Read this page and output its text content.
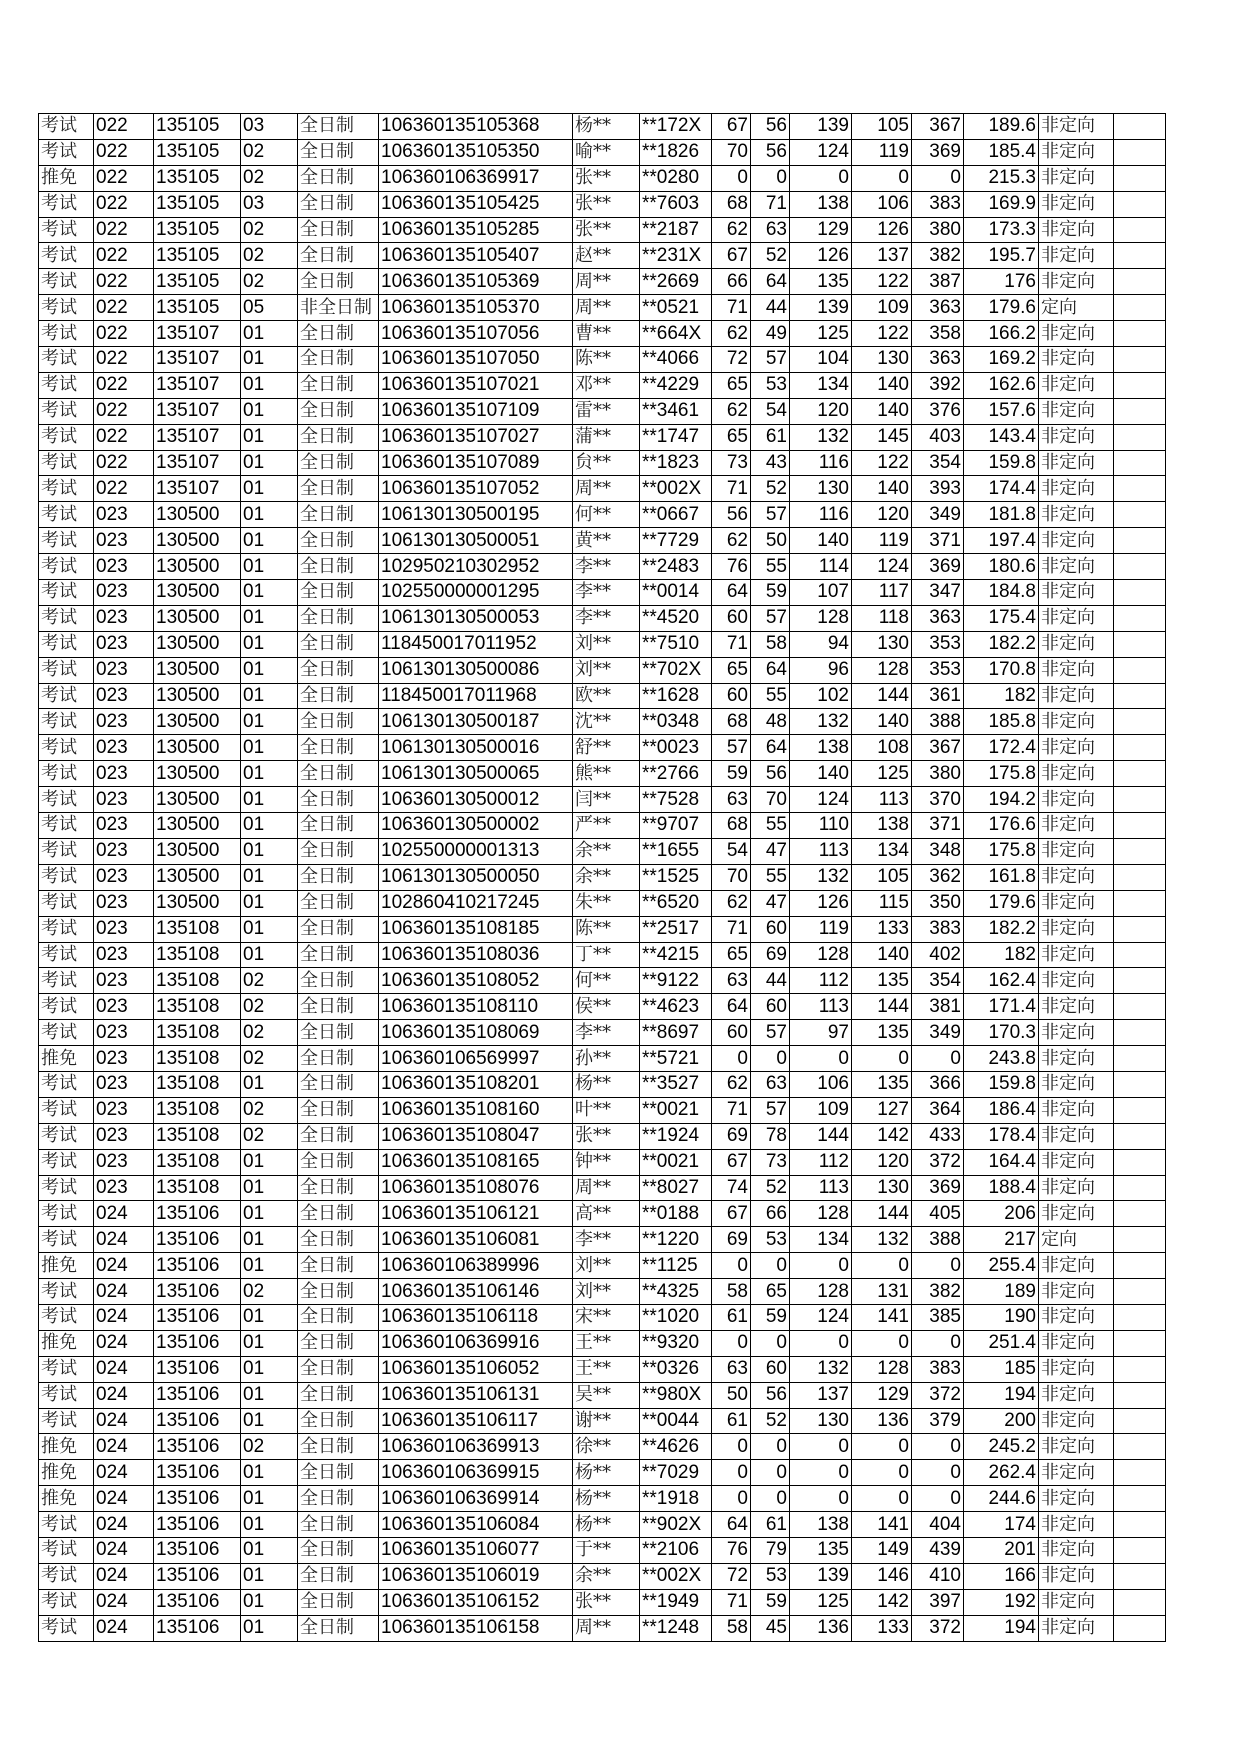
考试	022	135105	03	全日制	106360135105368	杨**	**172X	67	56	139	105	367	189.6	非定向	
考试	022	135105	02	全日制	106360135105350	喻**	**1826	70	56	124	119	369	185.4	非定向	
推免	022	135105	02	全日制	106360106369917	张**	**0280	0	0	0	0	0	215.3	非定向	
考试	022	135105	03	全日制	106360135105425	张**	**7603	68	71	138	106	383	169.9	非定向	
考试	022	135105	02	全日制	106360135105285	张**	**2187	62	63	129	126	380	173.3	非定向	
考试	022	135105	02	全日制	106360135105407	赵**	**231X	67	52	126	137	382	195.7	非定向	
考试	022	135105	02	全日制	106360135105369	周**	**2669	66	64	135	122	387	176	非定向	
考试	022	135105	05	非全日制	106360135105370	周**	**0521	71	44	139	109	363	179.6	定向	
考试	022	135107	01	全日制	106360135107056	曹**	**664X	62	49	125	122	358	166.2	非定向	
考试	022	135107	01	全日制	106360135107050	陈**	**4066	72	57	104	130	363	169.2	非定向	
考试	022	135107	01	全日制	106360135107021	邓**	**4229	65	53	134	140	392	162.6	非定向	
考试	022	135107	01	全日制	106360135107109	雷**	**3461	62	54	120	140	376	157.6	非定向	
考试	022	135107	01	全日制	106360135107027	蒲**	**1747	65	61	132	145	403	143.4	非定向	
考试	022	135107	01	全日制	106360135107089	贠**	**1823	73	43	116	122	354	159.8	非定向	
考试	022	135107	01	全日制	106360135107052	周**	**002X	71	52	130	140	393	174.4	非定向	
考试	023	130500	01	全日制	106130130500195	何**	**0667	56	57	116	120	349	181.8	非定向	
考试	023	130500	01	全日制	106130130500051	黄**	**7729	62	50	140	119	371	197.4	非定向	
考试	023	130500	01	全日制	102950210302952	李**	**2483	76	55	114	124	369	180.6	非定向	
考试	023	130500	01	全日制	102550000001295	李**	**0014	64	59	107	117	347	184.8	非定向	
考试	023	130500	01	全日制	106130130500053	李**	**4520	60	57	128	118	363	175.4	非定向	
考试	023	130500	01	全日制	118450017011952	刘**	**7510	71	58	94	130	353	182.2	非定向	
考试	023	130500	01	全日制	106130130500086	刘**	**702X	65	64	96	128	353	170.8	非定向	
考试	023	130500	01	全日制	118450017011968	欧**	**1628	60	55	102	144	361	182	非定向	
考试	023	130500	01	全日制	106130130500187	沈**	**0348	68	48	132	140	388	185.8	非定向	
考试	023	130500	01	全日制	106130130500016	舒**	**0023	57	64	138	108	367	172.4	非定向	
考试	023	130500	01	全日制	106130130500065	熊**	**2766	59	56	140	125	380	175.8	非定向	
考试	023	130500	01	全日制	106360130500012	闫**	**7528	63	70	124	113	370	194.2	非定向	
考试	023	130500	01	全日制	106360130500002	严**	**9707	68	55	110	138	371	176.6	非定向	
考试	023	130500	01	全日制	102550000001313	余**	**1655	54	47	113	134	348	175.8	非定向	
考试	023	130500	01	全日制	106130130500050	余**	**1525	70	55	132	105	362	161.8	非定向	
考试	023	130500	01	全日制	102860410217245	朱**	**6520	62	47	126	115	350	179.6	非定向	
考试	023	135108	01	全日制	106360135108185	陈**	**2517	71	60	119	133	383	182.2	非定向	
考试	023	135108	01	全日制	106360135108036	丁**	**4215	65	69	128	140	402	182	非定向	
考试	023	135108	02	全日制	106360135108052	何**	**9122	63	44	112	135	354	162.4	非定向	
考试	023	135108	02	全日制	106360135108110	侯**	**4623	64	60	113	144	381	171.4	非定向	
考试	023	135108	02	全日制	106360135108069	李**	**8697	60	57	97	135	349	170.3	非定向	
推免	023	135108	02	全日制	106360106569997	孙**	**5721	0	0	0	0	0	243.8	非定向	
考试	023	135108	01	全日制	106360135108201	杨**	**3527	62	63	106	135	366	159.8	非定向	
考试	023	135108	02	全日制	106360135108160	叶**	**0021	71	57	109	127	364	186.4	非定向	
考试	023	135108	02	全日制	106360135108047	张**	**1924	69	78	144	142	433	178.4	非定向	
考试	023	135108	01	全日制	106360135108165	钟**	**0021	67	73	112	120	372	164.4	非定向	
考试	023	135108	01	全日制	106360135108076	周**	**8027	74	52	113	130	369	188.4	非定向	
考试	024	135106	01	全日制	106360135106121	高**	**0188	67	66	128	144	405	206	非定向	
考试	024	135106	01	全日制	106360135106081	李**	**1220	69	53	134	132	388	217	定向	
推免	024	135106	01	全日制	106360106389996	刘**	**1125	0	0	0	0	0	255.4	非定向	
考试	024	135106	02	全日制	106360135106146	刘**	**4325	58	65	128	131	382	189	非定向	
考试	024	135106	01	全日制	106360135106118	宋**	**1020	61	59	124	141	385	190	非定向	
推免	024	135106	01	全日制	106360106369916	王**	**9320	0	0	0	0	0	251.4	非定向	
考试	024	135106	01	全日制	106360135106052	王**	**0326	63	60	132	128	383	185	非定向	
考试	024	135106	01	全日制	106360135106131	吴**	**980X	50	56	137	129	372	194	非定向	
考试	024	135106	01	全日制	106360135106117	谢**	**0044	61	52	130	136	379	200	非定向	
推免	024	135106	02	全日制	106360106369913	徐**	**4626	0	0	0	0	0	245.2	非定向	
推免	024	135106	01	全日制	106360106369915	杨**	**7029	0	0	0	0	0	262.4	非定向	
推免	024	135106	01	全日制	106360106369914	杨**	**1918	0	0	0	0	0	244.6	非定向	
考试	024	135106	01	全日制	106360135106084	杨**	**902X	64	61	138	141	404	174	非定向	
考试	024	135106	01	全日制	106360135106077	于**	**2106	76	79	135	149	439	201	非定向	
考试	024	135106	01	全日制	106360135106019	余**	**002X	72	53	139	146	410	166	非定向	
考试	024	135106	01	全日制	106360135106152	张**	**1949	71	59	125	142	397	192	非定向	
考试	024	135106	01	全日制	106360135106158	周**	**1248	58	45	136	133	372	194	非定向	
